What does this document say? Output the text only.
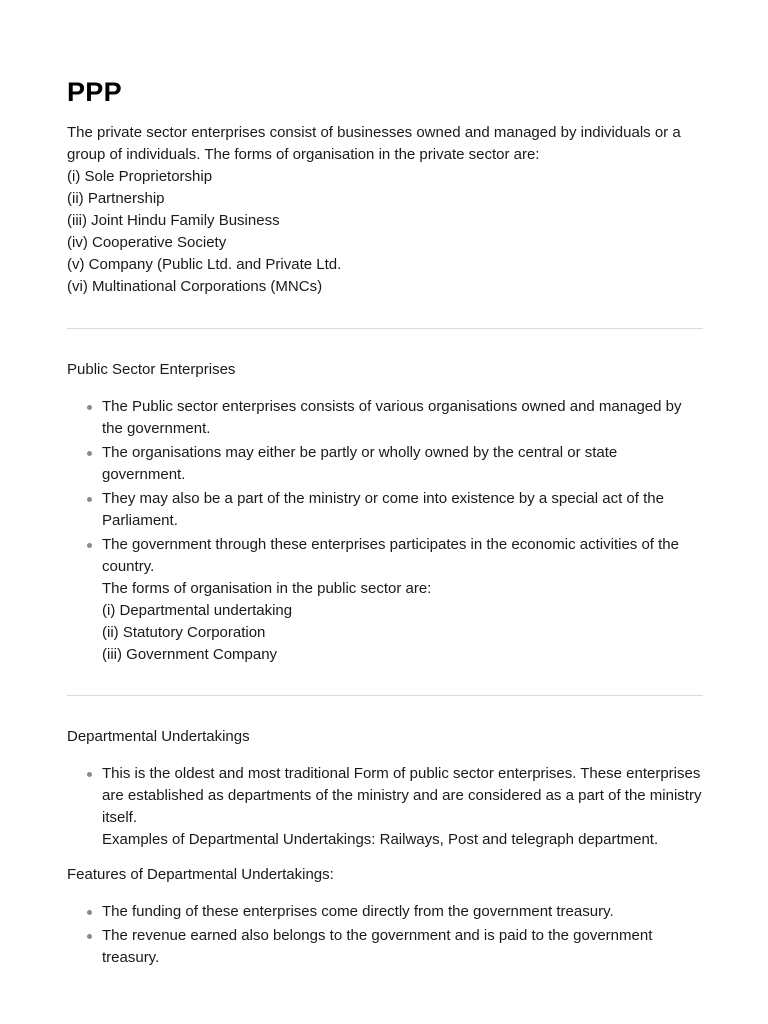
PPP

The private sector enterprises consist of businesses owned and managed by individuals or a group of individuals. The forms of organisation in the private sector are:

(i) Sole Proprietorship
(ii) Partnership
(iii) Joint Hindu Family Business
(iv) Cooperative Society
(v) Company (Public Ltd. and Private Ltd.
(vi) Multinational Corporations (MNCs)

Public Sector Enterprises

The Public sector enterprises consists of various organisations owned and managed by the government.
The organisations may either be partly or wholly owned by the central or state government.
They may also be a part of the ministry or come into existence by a special act of the Parliament.
The government through these enterprises participates in the economic activities of the country.
The forms of organisation in the public sector are:
(i) Departmental undertaking
(ii) Statutory Corporation
(iii) Government Company

Departmental Undertakings

This is the oldest and most traditional Form of public sector enterprises. These enterprises are established as departments of the ministry and are considered as a part of the ministry itself.
Examples of Departmental Undertakings: Railways, Post and telegraph department.

Features of Departmental Undertakings:

The funding of these enterprises come directly from the government treasury.
The revenue earned also belongs to the government and is paid to the government treasury.
